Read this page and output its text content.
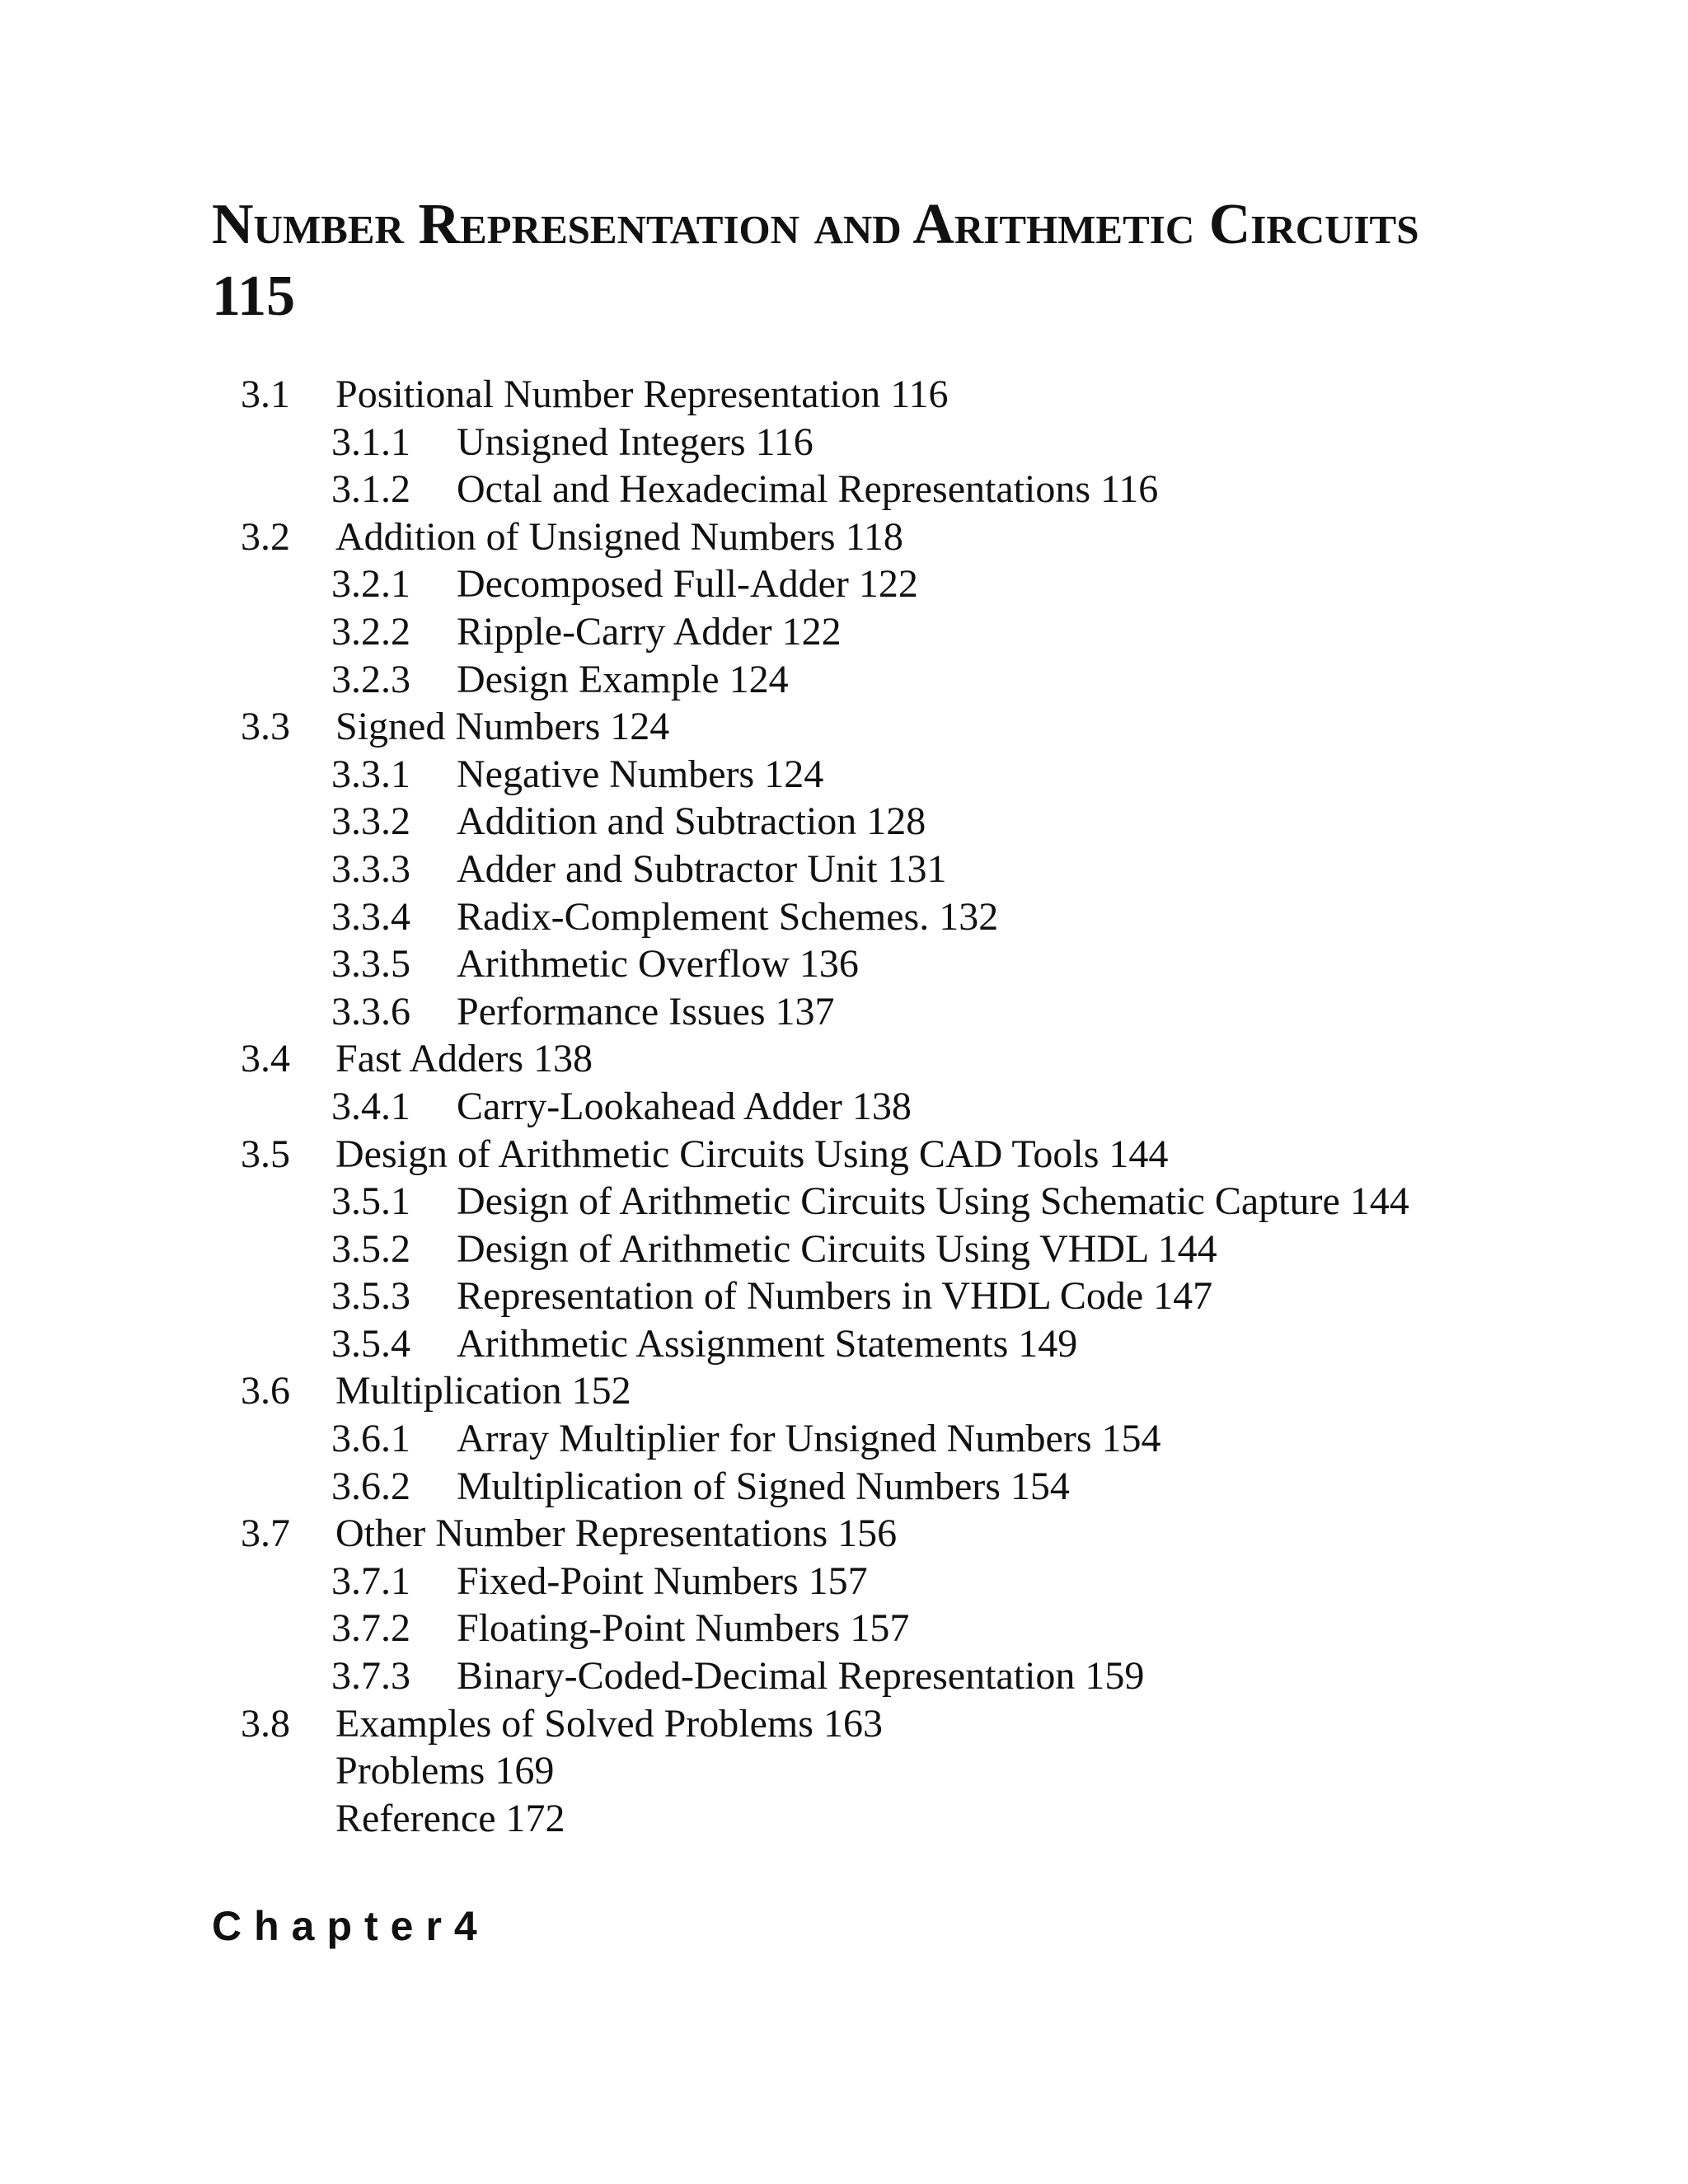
Number Representation and Arithmetic Circuits
115
3.1 Positional Number Representation 116
3.1.1 Unsigned Integers 116
3.1.2 Octal and Hexadecimal Representations 116
3.2 Addition of Unsigned Numbers 118
3.2.1 Decomposed Full-Adder 122
3.2.2 Ripple-Carry Adder 122
3.2.3 Design Example 124
3.3 Signed Numbers 124
3.3.1 Negative Numbers 124
3.3.2 Addition and Subtraction 128
3.3.3 Adder and Subtractor Unit 131
3.3.4 Radix-Complement Schemes. 132
3.3.5 Arithmetic Overflow 136
3.3.6 Performance Issues 137
3.4 Fast Adders 138
3.4.1 Carry-Lookahead Adder 138
3.5 Design of Arithmetic Circuits Using CAD Tools 144
3.5.1 Design of Arithmetic Circuits Using Schematic Capture 144
3.5.2 Design of Arithmetic Circuits Using VHDL 144
3.5.3 Representation of Numbers in VHDL Code 147
3.5.4 Arithmetic Assignment Statements 149
3.6 Multiplication 152
3.6.1 Array Multiplier for Unsigned Numbers 154
3.6.2 Multiplication of Signed Numbers 154
3.7 Other Number Representations 156
3.7.1 Fixed-Point Numbers 157
3.7.2 Floating-Point Numbers 157
3.7.3 Binary-Coded-Decimal Representation 159
3.8 Examples of Solved Problems 163
Problems 169
Reference 172
Chapter4
